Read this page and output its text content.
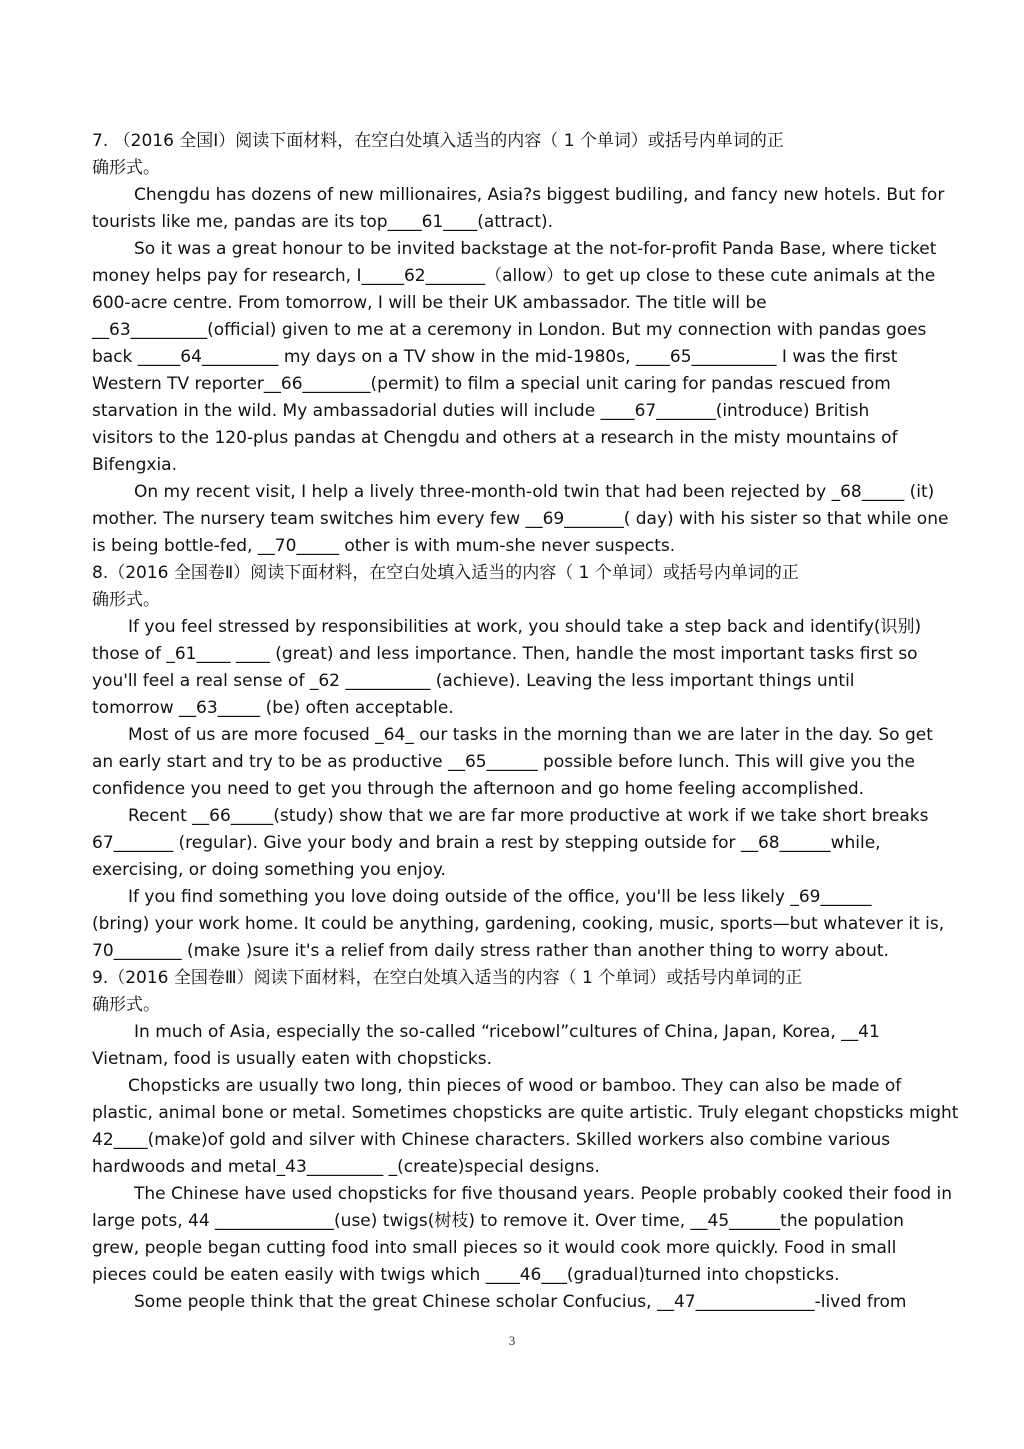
7. （2016 全国Ⅰ）阅读下面材料，在空白处填入适当的内容（ 1 个单词）或括号内单词的正
确形式。
Chengdu has dozens of new millionaires, Asia?s biggest budiling, and fancy new hotels. But for
tourists like me, pandas are its top____61____(attract).
So it was a great honour to be invited backstage at the not-for-profit Panda Base, where ticket
money helps pay for research, I_____62_______（allow）to get up close to these cute animals at the
600-acre centre. From tomorrow, I will be their UK ambassador. The title will be
__63_________(official) given to me at a ceremony in London. But my connection with pandas goes
back _____64_________ my days on a TV show in the mid-1980s, ____65__________ I was the first
Western TV reporter__66________(permit) to film a special unit caring for pandas rescued from
starvation in the wild. My ambassadorial duties will include ____67_______(introduce) British
visitors to the 120-plus pandas at Chengdu and others at a research in the misty mountains of
Bifengxia.
On my recent visit, I help a lively three-month-old twin that had been rejected by _68_____ (it)
mother. The nursery team switches him every few __69_______( day) with his sister so that while one
is being bottle-fed, __70_____ other is with mum-she never suspects.
8.（2016 全国卷Ⅱ）阅读下面材料，在空白处填入适当的内容（ 1 个单词）或括号内单词的正
确形式。
If you feel stressed by responsibilities at work, you should take a step back and identify(识别)
those of _61____ ____ (great) and less importance. Then, handle the most important tasks first so
you'll feel a real sense of _62 __________ (achieve). Leaving the less important things until
tomorrow __63_____ (be) often acceptable.
Most of us are more focused _64_ our tasks in the morning than we are later in the day. So get
an early start and try to be as productive __65______ possible before lunch. This will give you the
confidence you need to get you through the afternoon and go home feeling accomplished.
Recent __66_____(study) show that we are far more productive at work if we take short breaks
67_______ (regular). Give your body and brain a rest by stepping outside for __68______while,
exercising, or doing something you enjoy.
If you find something you love doing outside of the office, you'll be less likely _69______
(bring) your work home. It could be anything, gardening, cooking, music, sports—but whatever it is,
70________ (make )sure it's a relief from daily stress rather than another thing to worry about.
9.（2016 全国卷Ⅲ）阅读下面材料，在空白处填入适当的内容（ 1 个单词）或括号内单词的正
确形式。
In much of Asia, especially the so-called “ricebowl”cultures of China, Japan, Korea, __41
Vietnam, food is usually eaten with chopsticks.
Chopsticks are usually two long, thin pieces of wood or bamboo. They can also be made of
plastic, animal bone or metal. Sometimes chopsticks are quite artistic. Truly elegant chopsticks might
42____(make)of gold and silver with Chinese characters. Skilled workers also combine various
hardwoods and metal_43_________ _(create)special designs.
The Chinese have used chopsticks for five thousand years. People probably cooked their food in
large pots, 44 ______________(use) twigs(树枝) to remove it. Over time, __45______the population
grew, people began cutting food into small pieces so it would cook more quickly. Food in small
pieces could be eaten easily with twigs which ____46___(gradual)turned into chopsticks.
Some people think that the great Chinese scholar Confucius, __47______________-lived from
3
